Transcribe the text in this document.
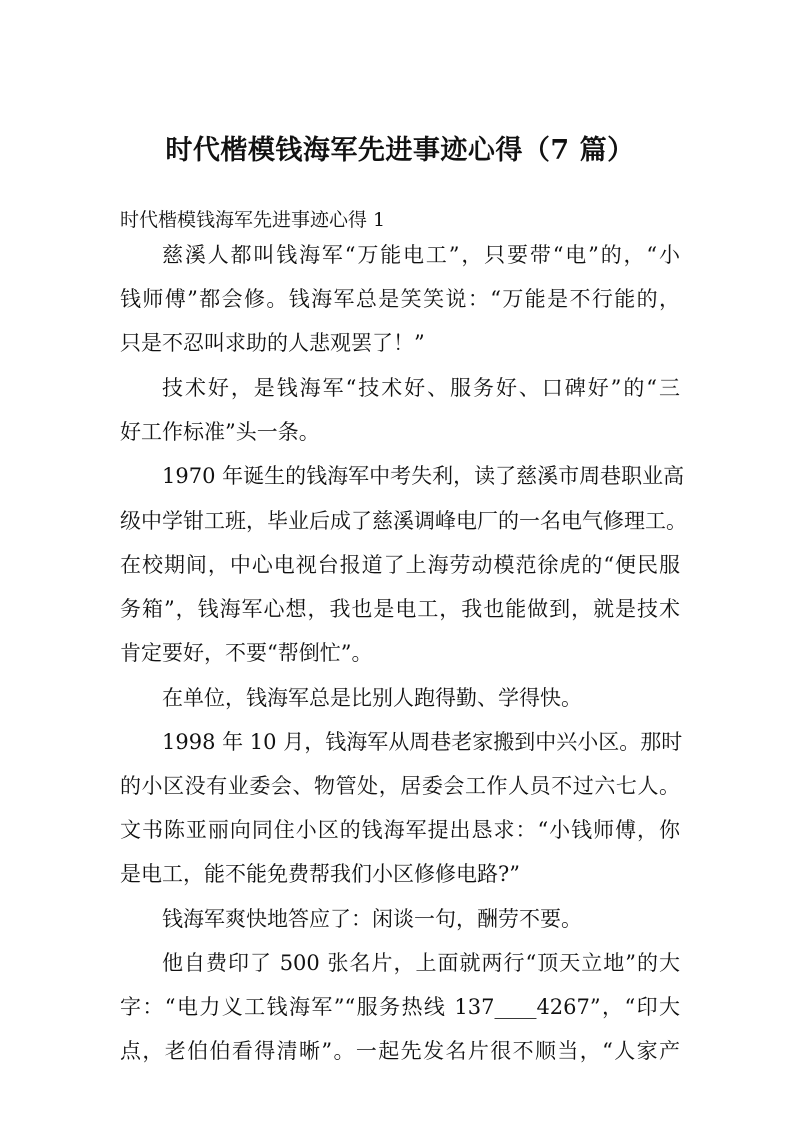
时代楷模钱海军先进事迹心得（7 篇）
时代楷模钱海军先进事迹心得 1
慈溪人都叫钱海军“万能电工”，只要带“电”的，“小
钱师傅”都会修。钱海军总是笑笑说：“万能是不行能的，
只是不忍叫求助的人悲观罢了！”
技术好，是钱海军“技术好、服务好、口碑好”的“三
好工作标准”头一条。
1970 年诞生的钱海军中考失利，读了慈溪市周巷职业高
级中学钳工班，毕业后成了慈溪调峰电厂的一名电气修理工。
在校期间，中心电视台报道了上海劳动模范徐虎的“便民服
务箱”，钱海军心想，我也是电工，我也能做到，就是技术
肯定要好，不要“帮倒忙”。
在单位，钱海军总是比别人跑得勤、学得快。
1998 年 10 月，钱海军从周巷老家搬到中兴小区。那时
的小区没有业委会、物管处，居委会工作人员不过六七人。
文书陈亚丽向同住小区的钱海军提出恳求：“小钱师傅，你
是电工，能不能免费帮我们小区修修电路?”
钱海军爽快地答应了：闲谈一句，酬劳不要。
他自费印了 500 张名片，上面就两行“顶天立地”的大
字：“电力义工钱海军”“服务热线 137____4267”，“印大
点，老伯伯看得清晰”。一起先发名片很不顺当，“人家产
